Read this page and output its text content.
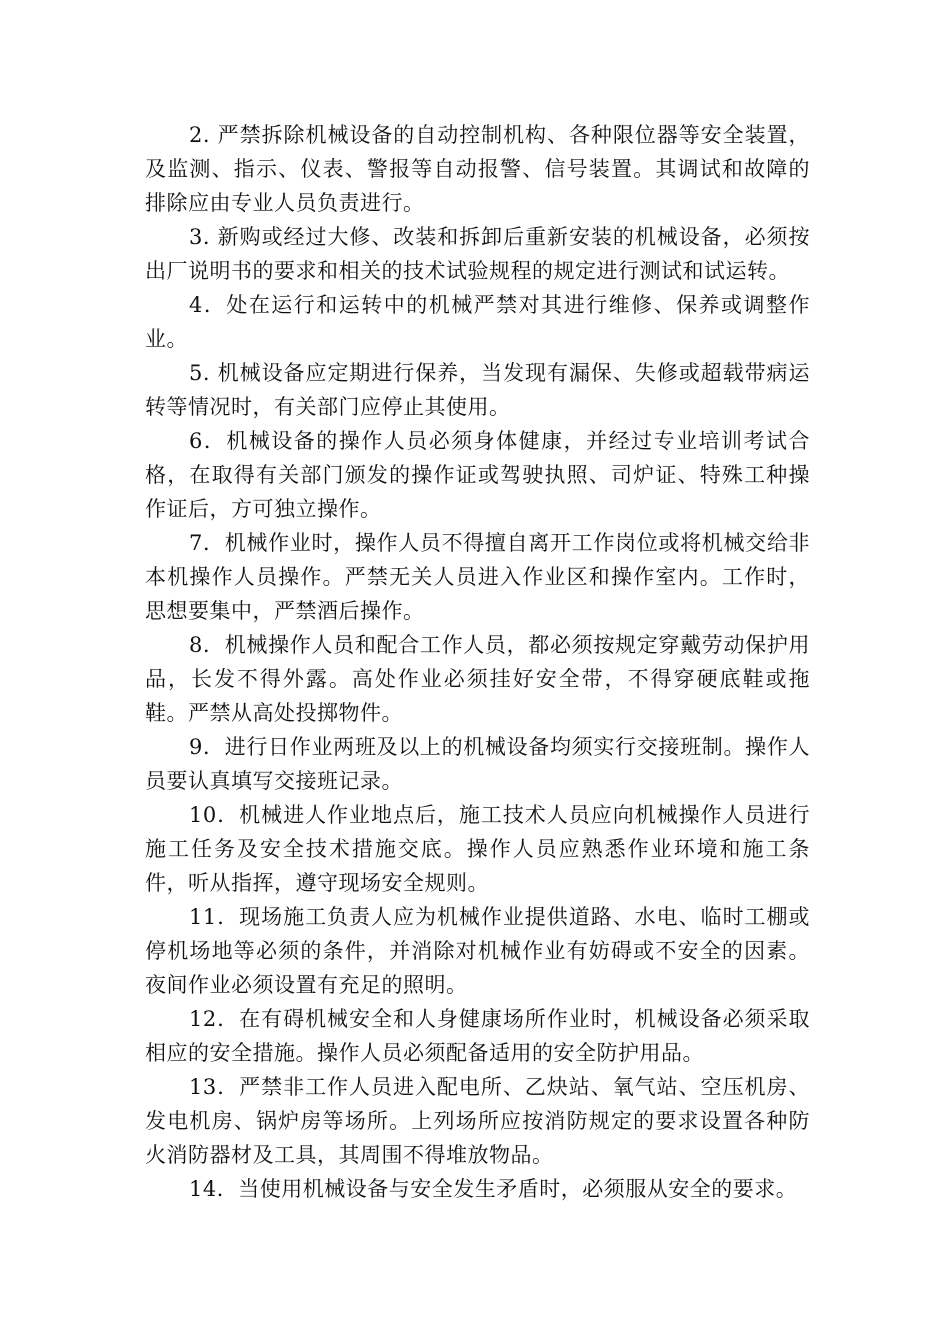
2. 严禁拆除机械设备的自动控制机构、各种限位器等安全装置，及监测、指示、仪表、警报等自动报警、信号装置。其调试和故障的排除应由专业人员负责进行。

3. 新购或经过大修、改装和拆卸后重新安装的机械设备，必须按出厂说明书的要求和相关的技术试验规程的规定进行测试和试运转。

4．处在运行和运转中的机械严禁对其进行维修、保养或调整作业。

5. 机械设备应定期进行保养，当发现有漏保、失修或超载带病运转等情况时，有关部门应停止其使用。

6．机械设备的操作人员必须身体健康，并经过专业培训考试合格，在取得有关部门颁发的操作证或驾驶执照、司炉证、特殊工种操作证后，方可独立操作。

7．机械作业时，操作人员不得擅自离开工作岗位或将机械交给非本机操作人员操作。严禁无关人员进入作业区和操作室内。工作时，思想要集中，严禁酒后操作。

8．机械操作人员和配合工作人员，都必须按规定穿戴劳动保护用品，长发不得外露。高处作业必须挂好安全带，不得穿硬底鞋或拖鞋。严禁从高处投掷物件。

9．进行日作业两班及以上的机械设备均须实行交接班制。操作人员要认真填写交接班记录。

10．机械进人作业地点后，施工技术人员应向机械操作人员进行施工任务及安全技术措施交底。操作人员应熟悉作业环境和施工条件，听从指挥，遵守现场安全规则。

11．现场施工负责人应为机械作业提供道路、水电、临时工棚或停机场地等必须的条件，并消除对机械作业有妨碍或不安全的因素。夜间作业必须设置有充足的照明。

12．在有碍机械安全和人身健康场所作业时，机械设备必须采取相应的安全措施。操作人员必须配备适用的安全防护用品。

13．严禁非工作人员进入配电所、乙炔站、氧气站、空压机房、发电机房、锅炉房等场所。上列场所应按消防规定的要求设置各种防火消防器材及工具，其周围不得堆放物品。

14．当使用机械设备与安全发生矛盾时，必须服从安全的要求。
